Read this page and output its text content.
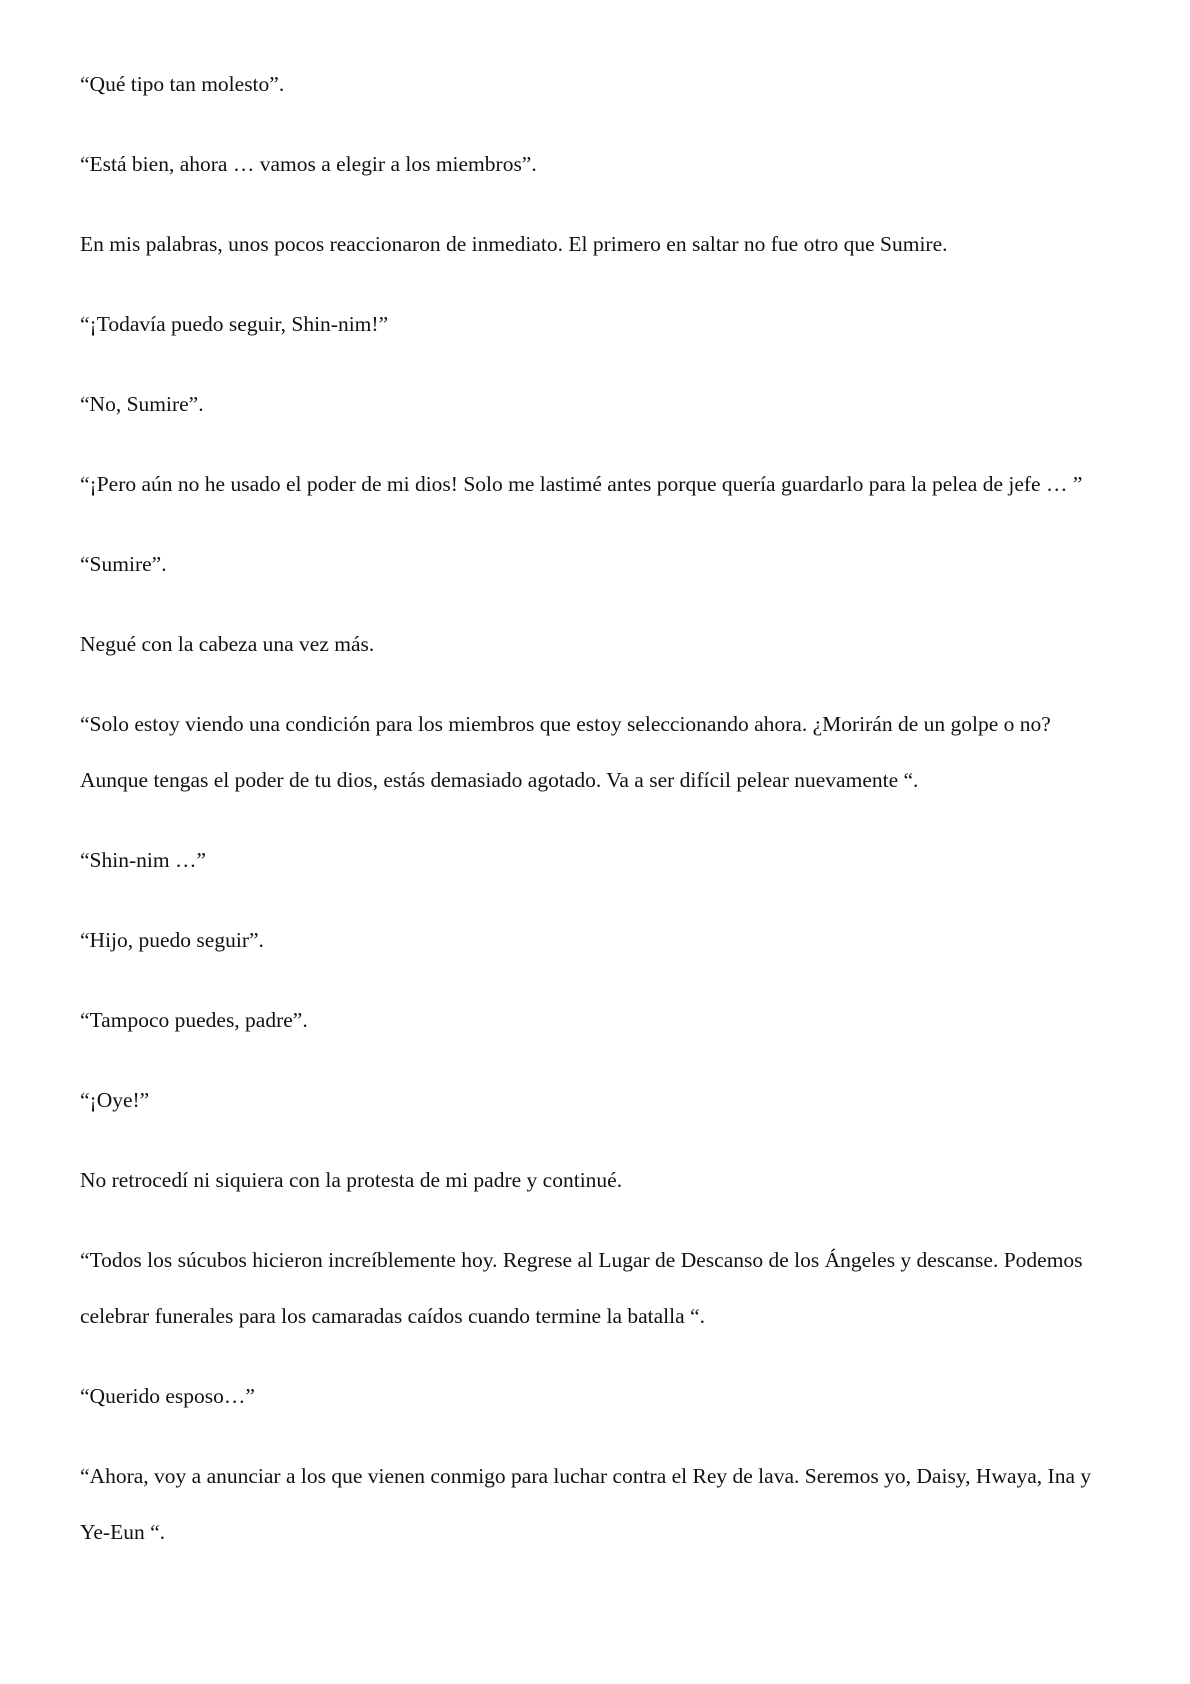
“Qué tipo tan molesto”.

“Está bien, ahora … vamos a elegir a los miembros”.

En mis palabras, unos pocos reaccionaron de inmediato. El primero en saltar no fue otro que Sumire.

“¡Todavía puedo seguir, Shin-nim!”

“No, Sumire”.

“¡Pero aún no he usado el poder de mi dios! Solo me lastimé antes porque quería guardarlo para la pelea de jefe … ”

“Sumire”.

Negué con la cabeza una vez más.

“Solo estoy viendo una condición para los miembros que estoy seleccionando ahora. ¿Morirán de un golpe o no? Aunque tengas el poder de tu dios, estás demasiado agotado. Va a ser difícil pelear nuevamente “.

“Shin-nim …”

“Hijo, puedo seguir”.

“Tampoco puedes, padre”.

“¡Oye!”

No retrocedí ni siquiera con la protesta de mi padre y continué.

“Todos los súcubos hicieron increíblemente hoy. Regrese al Lugar de Descanso de los Ángeles y descanse. Podemos celebrar funerales para los camaradas caídos cuando termine la batalla “.

“Querido esposo…”

“Ahora, voy a anunciar a los que vienen conmigo para luchar contra el Rey de lava. Seremos yo, Daisy, Hwaya, Ina y Ye-Eun “.
